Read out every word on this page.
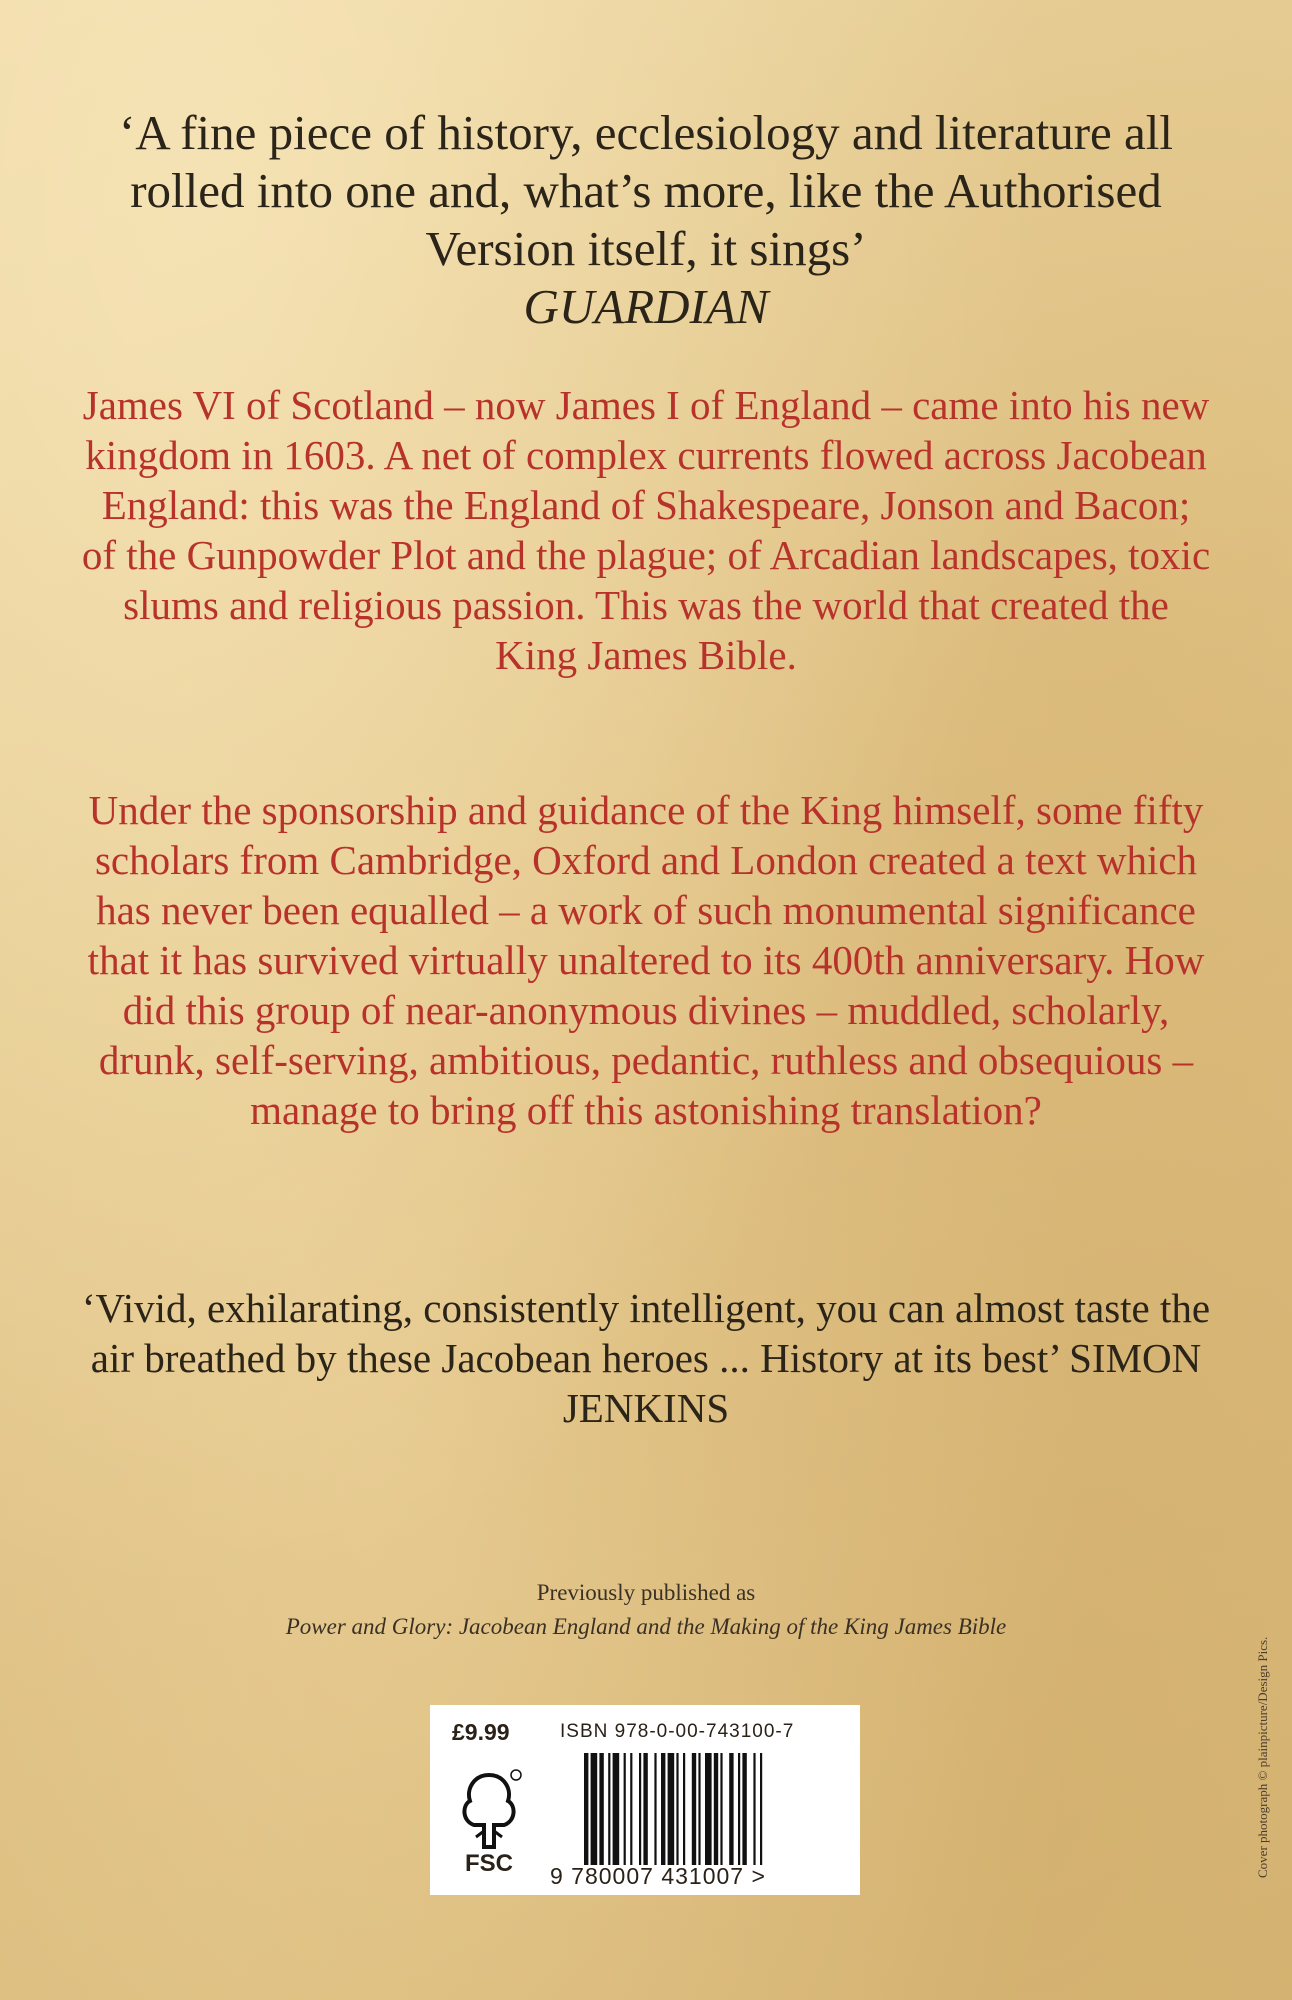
‘A fine piece of history, ecclesiology and literature all rolled into one and, what’s more, like the Authorised Version itself, it sings’
GUARDIAN
James VI of Scotland – now James I of England – came into his new kingdom in 1603. A net of complex currents flowed across Jacobean England: this was the England of Shakespeare, Jonson and Bacon; of the Gunpowder Plot and the plague; of Arcadian landscapes, toxic slums and religious passion. This was the world that created the King James Bible.
Under the sponsorship and guidance of the King himself, some fifty scholars from Cambridge, Oxford and London created a text which has never been equalled – a work of such monumental significance that it has survived virtually unaltered to its 400th anniversary. How did this group of near-anonymous divines – muddled, scholarly, drunk, self-serving, ambitious, pedantic, ruthless and obsequious – manage to bring off this astonishing translation?
‘Vivid, exhilarating, consistently intelligent, you can almost taste the air breathed by these Jacobean heroes ... History at its best’ SIMON JENKINS
Previously published as
Power and Glory: Jacobean England and the Making of the King James Bible
£9.99	ISBN 978-0-00-743100-7
FSC	9 780007 431007 >	Cover photograph © plainpicture/Design Pics.
